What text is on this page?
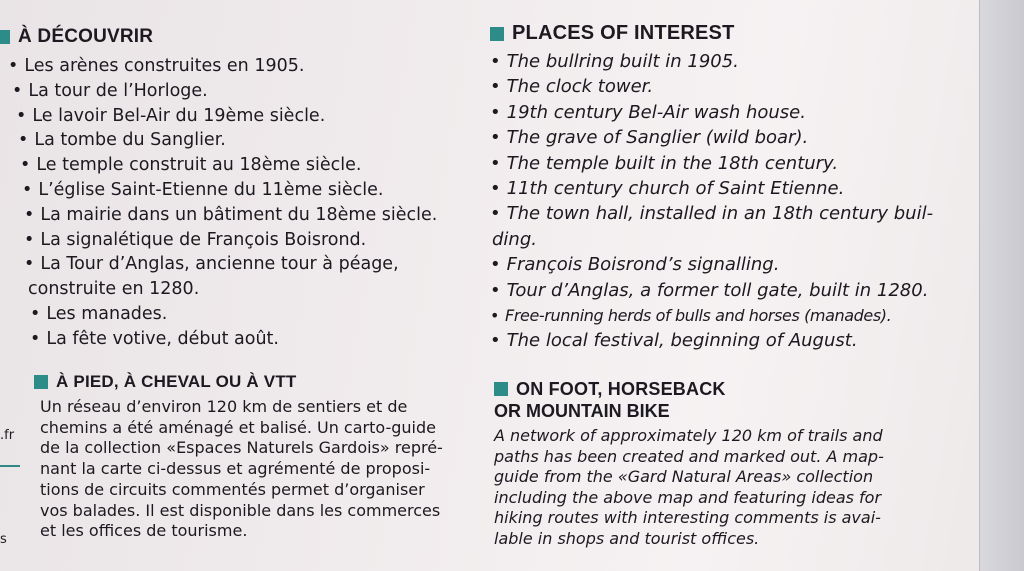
.fr
s
À DÉCOUVRIR
• Les arènes construites en 1905.
• La tour de l’Horloge.
• Le lavoir Bel-Air du 19ème siècle.
• La tombe du Sanglier.
• Le temple construit au 18ème siècle.
• L’église Saint-Etienne du 11ème siècle.
• La mairie dans un bâtiment du 18ème siècle.
• La signalétique de François Boisrond.
• La Tour d’Anglas, ancienne tour à péage,
construite en 1280.
• Les manades.
• La fête votive, début août.
PLACES OF INTEREST
• The bullring built in 1905.
• The clock tower.
• 19th century Bel-Air wash house.
• The grave of Sanglier (wild boar).
• The temple built in the 18th century.
• 11th century church of Saint Etienne.
• The town hall, installed in an 18th century buil-
ding.
• François Boisrond’s signalling.
• Tour d’Anglas, a former toll gate, built in 1280.
• Free-running herds of bulls and horses (manades).
• The local festival, beginning of August.
À PIED, À CHEVAL OU À VTT
Un réseau d’environ 120 km de sentiers et de
chemins a été aménagé et balisé. Un carto-guide
de la collection «Espaces Naturels Gardois» repré-
nant la carte ci-dessus et agrémenté de proposi-
tions de circuits commentés permet d’organiser
vos balades. Il est disponible dans les commerces
et les offices de tourisme.
ON FOOT, HORSEBACK
OR MOUNTAIN BIKE
A network of approximately 120 km of trails and
paths has been created and marked out. A map-
guide from the «Gard Natural Areas» collection
including the above map and featuring ideas for
hiking routes with interesting comments is avai-
lable in shops and tourist offices.
